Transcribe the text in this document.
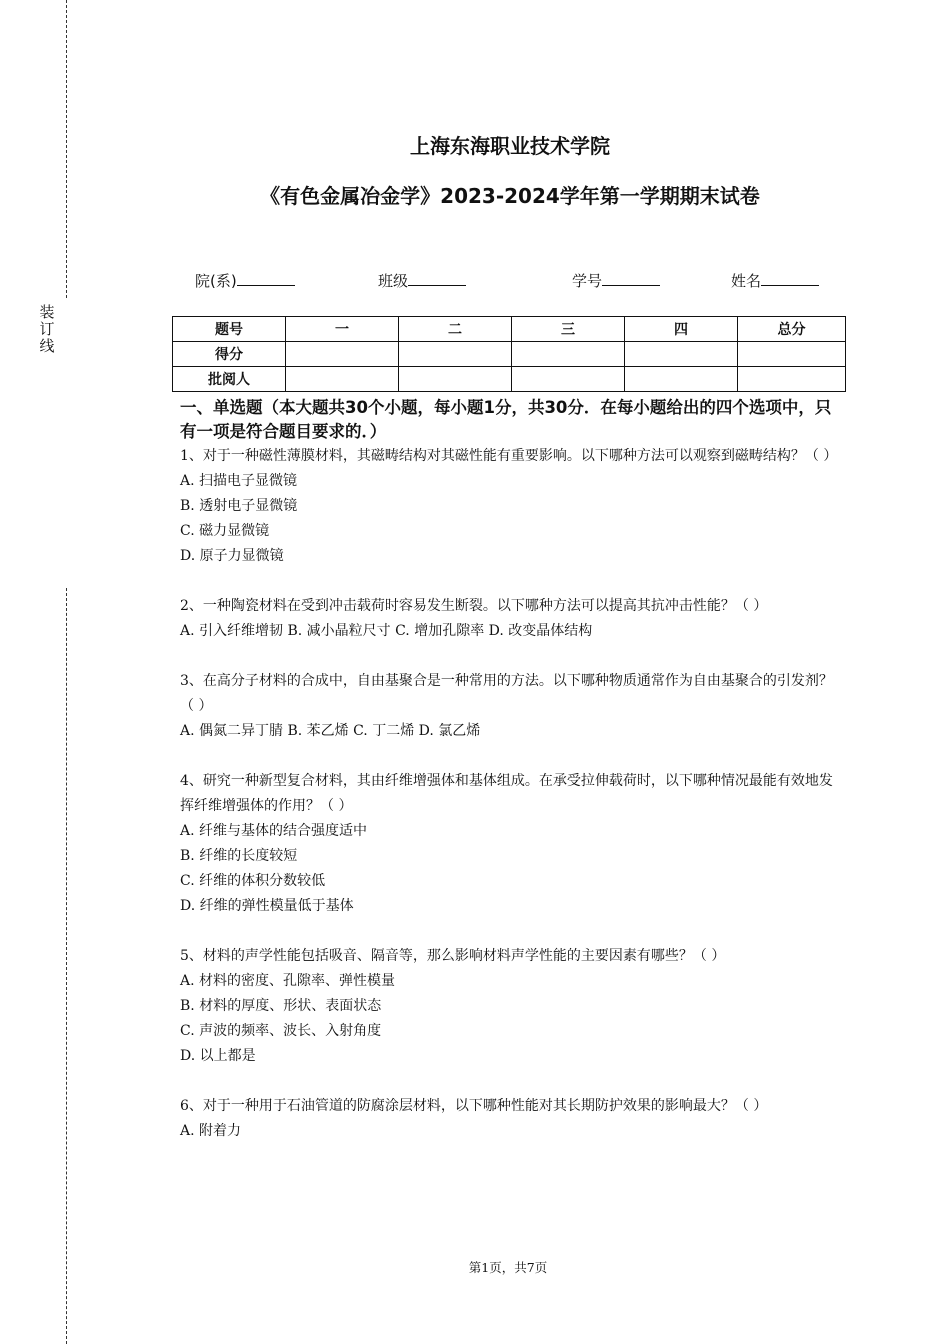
装
订
线
上海东海职业技术学院
《有色金属冶金学》2023-2024学年第一学期期末试卷
院(系)	班级	学号	姓名
题号	一	二	三	四	总分
得分					
批阅人					
一、单选题（本大题共30个小题，每小题1分，共30分．在每小题给出的四个选项中，只有一项是符合题目要求的．）
1、对于一种磁性薄膜材料，其磁畴结构对其磁性能有重要影响。以下哪种方法可以观察到磁畴结构？（ ）
A. 扫描电子显微镜
B. 透射电子显微镜
C. 磁力显微镜
D. 原子力显微镜
2、一种陶瓷材料在受到冲击载荷时容易发生断裂。以下哪种方法可以提高其抗冲击性能？（ ）
A. 引入纤维增韧 B. 减小晶粒尺寸 C. 增加孔隙率 D. 改变晶体结构
3、在高分子材料的合成中，自由基聚合是一种常用的方法。以下哪种物质通常作为自由基聚合的引发剂？（ ）
A. 偶氮二异丁腈 B. 苯乙烯 C. 丁二烯 D. 氯乙烯
4、研究一种新型复合材料，其由纤维增强体和基体组成。在承受拉伸载荷时，以下哪种情况最能有效地发挥纤维增强体的作用？（ ）
A. 纤维与基体的结合强度适中
B. 纤维的长度较短
C. 纤维的体积分数较低
D. 纤维的弹性模量低于基体
5、材料的声学性能包括吸音、隔音等，那么影响材料声学性能的主要因素有哪些？（ ）
A. 材料的密度、孔隙率、弹性模量
B. 材料的厚度、形状、表面状态
C. 声波的频率、波长、入射角度
D. 以上都是
6、对于一种用于石油管道的防腐涂层材料，以下哪种性能对其长期防护效果的影响最大？（ ）
A. 附着力
第1页，共7页
